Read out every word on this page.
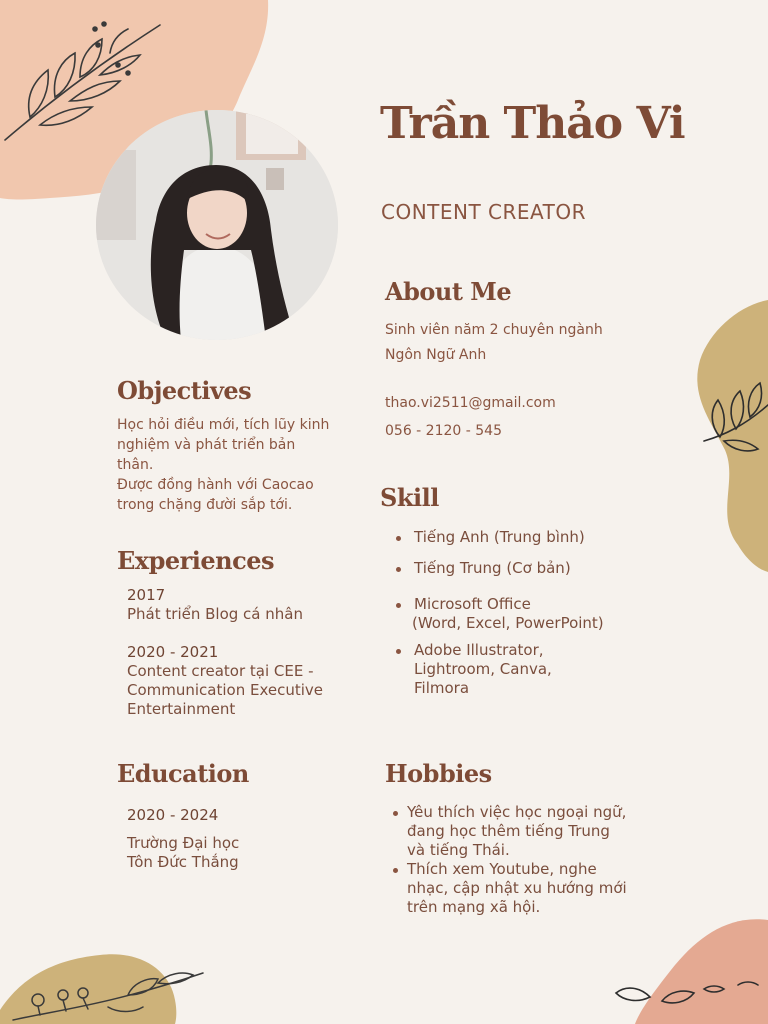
Trần Thảo Vi
CONTENT CREATOR
About Me
Sinh viên năm 2 chuyên ngành
Ngôn Ngữ Anh
thao.vi2511@gmail.com
056 - 2120 - 545
Objectives
Học hỏi điều mới, tích lũy kinh
nghiệm và phát triển bản
thân.
Được đồng hành với Caocao
trong chặng đười sắp tới.	Skill
Tiếng Anh (Trung bình)
Tiếng Trung (Cơ bản)
Microsoft Office
(Word, Excel, PowerPoint)
Adobe Illustrator,
Lightroom, Canva,
Filmora
Experiences
2017
Phát triển Blog cá nhân
2020 - 2021
Content creator tại CEE -
Communication Executive
Entertainment
Education
2020 - 2024
Trường Đại học
Tôn Đức Thắng
Hobbies
Yêu thích việc học ngoại ngữ,
đang học thêm tiếng Trung
và tiếng Thái.
Thích xem Youtube, nghe
nhạc, cập nhật xu hướng mới
trên mạng xã hội.
